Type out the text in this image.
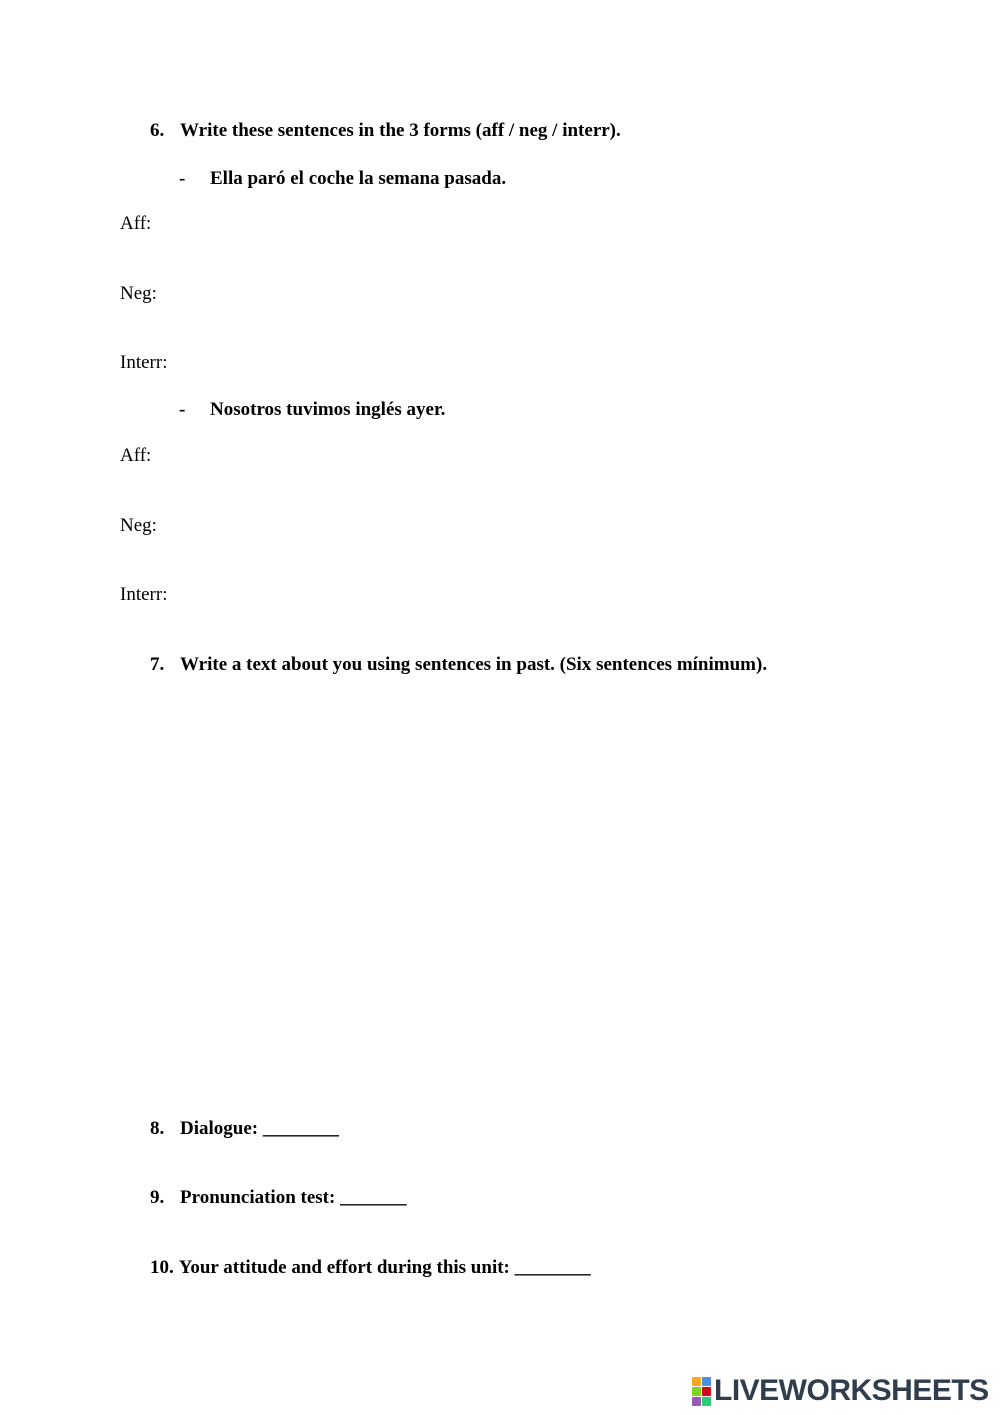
6. Write these sentences in the 3 forms (aff / neg / interr).
- Ella paró el coche la semana pasada.
Aff:
Neg:
Interr:
- Nosotros tuvimos inglés ayer.
Aff:
Neg:
Interr:
7. Write a text about you using sentences in past. (Six sentences mínimum).
8. Dialogue: ________
9. Pronunciation test: _______
10. Your attitude and effort during this unit: ________
LIVEWORKSHEETS
